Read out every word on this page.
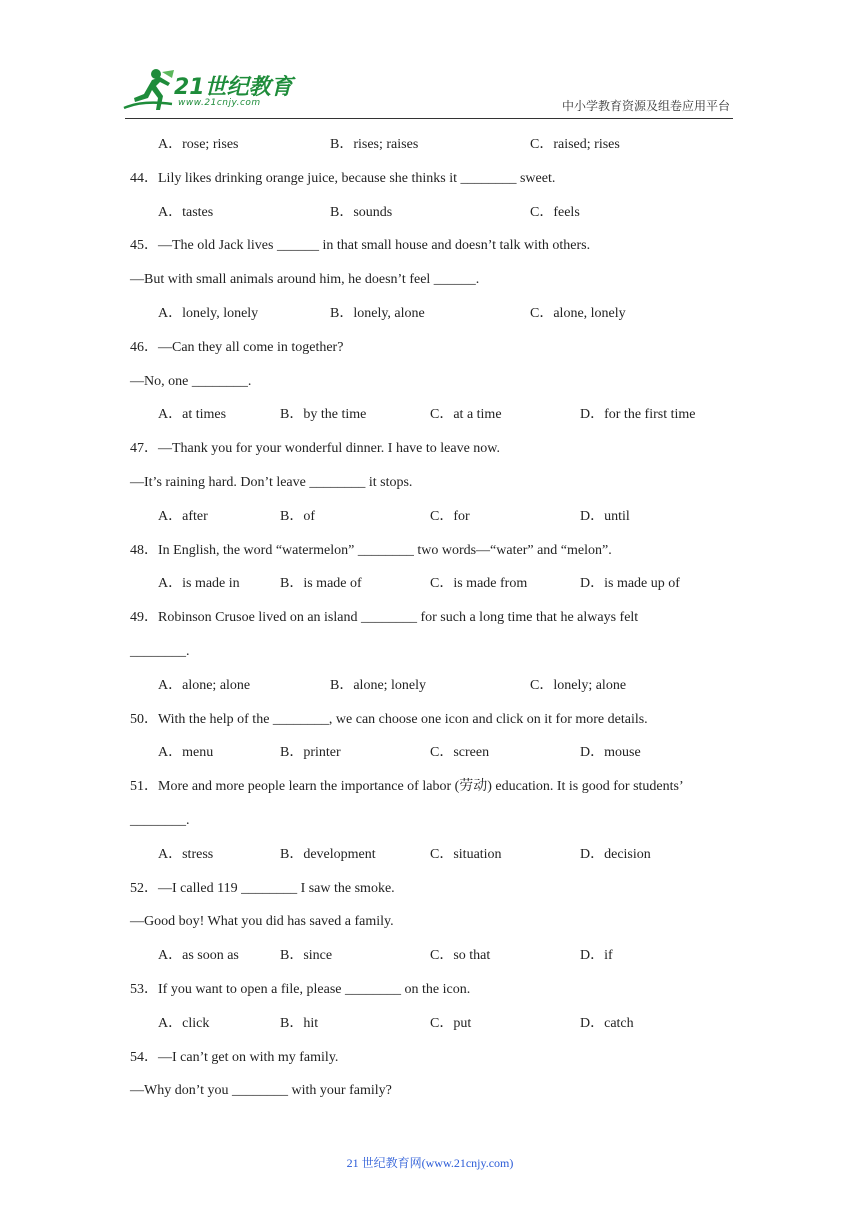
21世纪教育
www.21cnjy.com	中小学教育资源及组卷应用平台
A．rose; rises	B．rises; raises	C．raised; rises
44．Lily likes drinking orange juice, because she thinks it ________ sweet.
A．tastes	B．sounds	C．feels
45．—The old Jack lives ______ in that small house and doesn’t talk with others.
—But with small animals around him, he doesn’t feel ______.
A．lonely, lonely	B．lonely, alone	C．alone, lonely
46．—Can they all come in together?
—No, one ________.
A．at times	B．by the time	C．at a time	D．for the first time
47．—Thank you for your wonderful dinner. I have to leave now.
—It’s raining hard. Don’t leave ________ it stops.
A．after	B．of	C．for	D．until
48．In English, the word “watermelon” ________ two words—“water” and “melon”.
A．is made in	B．is made of	C．is made from	D．is made up of
49．Robinson Crusoe lived on an island ________ for such a long time that he always felt
________.
A．alone; alone	B．alone; lonely	C．lonely; alone
50．With the help of the ________, we can choose one icon and click on it for more details.
A．menu	B．printer	C．screen	D．mouse
51．More and more people learn the importance of labor (劳动) education. It is good for students’
________.
A．stress	B．development	C．situation	D．decision
52．—I called 119 ________ I saw the smoke.
—Good boy! What you did has saved a family.
A．as soon as	B．since	C．so that	D．if
53．If you want to open a file, please ________ on the icon.
A．click	B．hit	C．put	D．catch
54．—I can’t get on with my family.
—Why don’t you ________ with your family?
21 世纪教育网(www.21cnjy.com)
